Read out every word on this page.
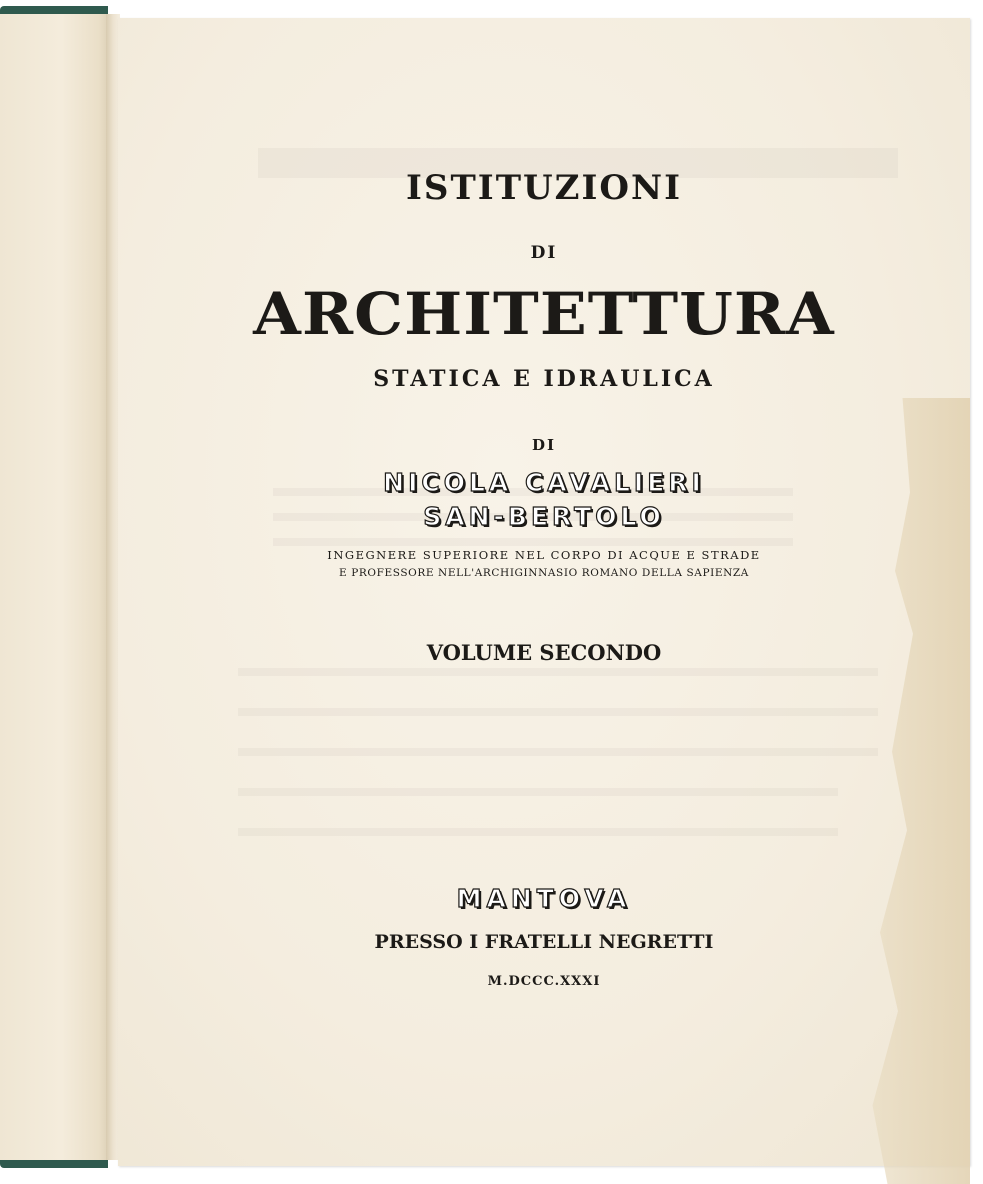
ISTITUZIONI
DI
ARCHITETTURA
STATICA E IDRAULICA
DI
NICOLA CAVALIERI
SAN-BERTOLO
INGEGNERE SUPERIORE NEL CORPO DI ACQUE E STRADE
E PROFESSORE NELL'ARCHIGINNASIO ROMANO DELLA SAPIENZA
VOLUME SECONDO
MANTOVA
PRESSO I FRATELLI NEGRETTI
M.DCCC.XXXI
